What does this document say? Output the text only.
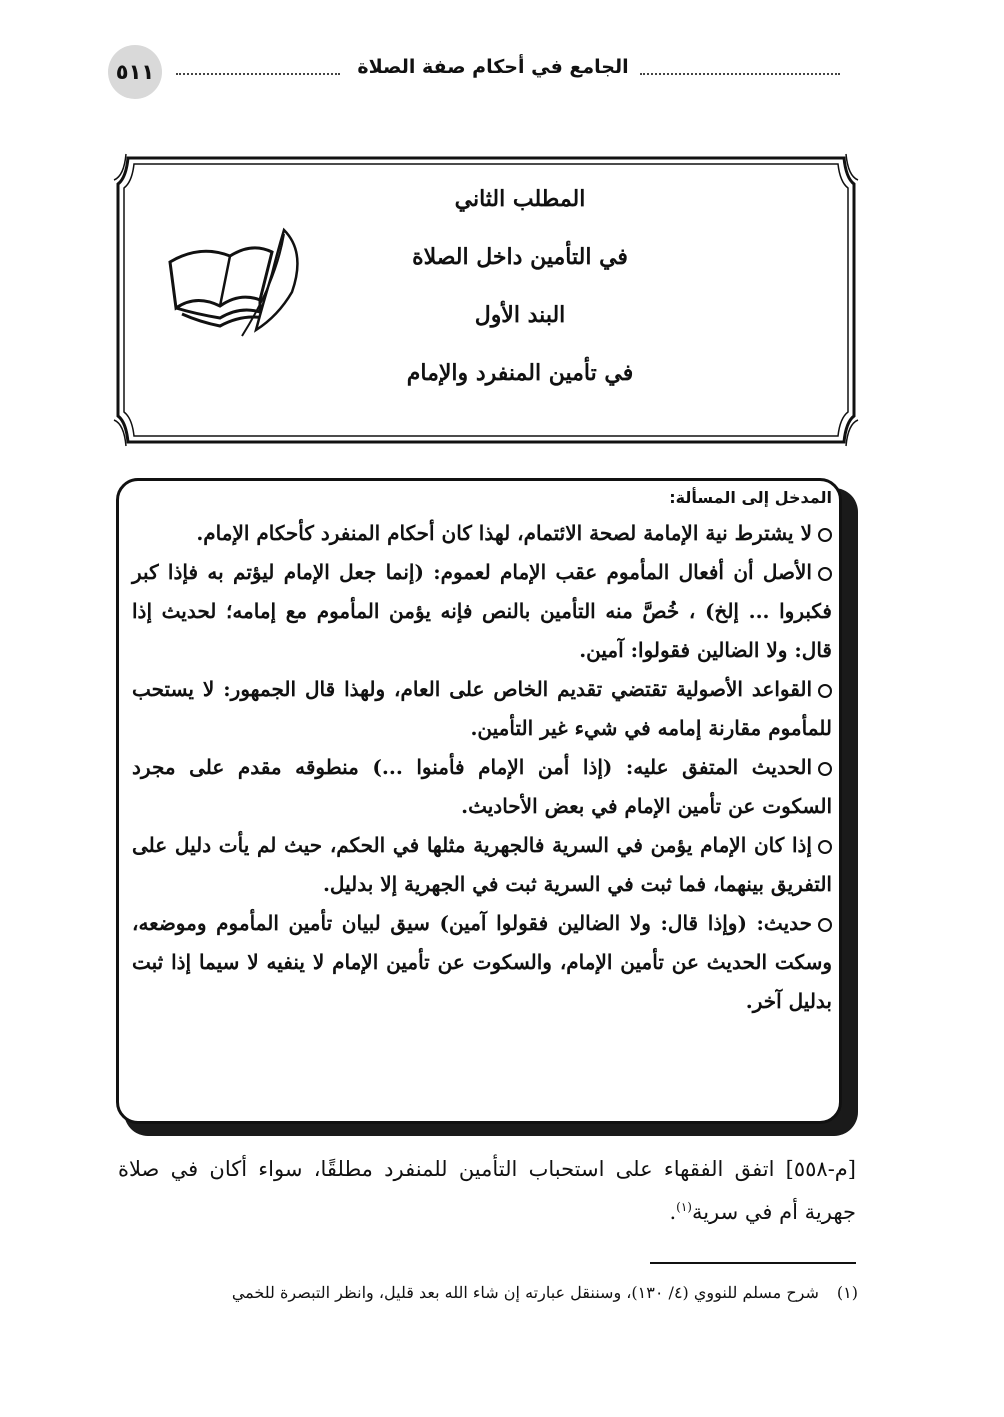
٥١١	الجامع في أحكام صفة الصلاة
المطلب الثاني
في التأمين داخل الصلاة
البند الأول
في تأمين المنفرد والإمام

المدخل إلى المسألة:

لا يشترط نية الإمامة لصحة الائتمام، لهذا كان أحكام المنفرد كأحكام الإمام.

الأصل أن أفعال المأموم عقب الإمام لعموم: (إنما جعل الإمام ليؤتم به فإذا كبر فكبروا ... إلخ) ، خُصَّ منه التأمين بالنص فإنه يؤمن المأموم مع إمامه؛ لحديث إذا قال: ولا الضالين فقولوا: آمين.

القواعد الأصولية تقتضي تقديم الخاص على العام، ولهذا قال الجمهور: لا يستحب للمأموم مقارنة إمامه في شيء غير التأمين.

الحديث المتفق عليه: (إذا أمن الإمام فأمنوا ...) منطوقه مقدم على مجرد السكوت عن تأمين الإمام في بعض الأحاديث.

إذا كان الإمام يؤمن في السرية فالجهرية مثلها في الحكم، حيث لم يأت دليل على التفريق بينهما، فما ثبت في السرية ثبت في الجهرية إلا بدليل.

حديث: (وإذا قال: ولا الضالين فقولوا آمين) سيق لبيان تأمين المأموم وموضعه، وسكت الحديث عن تأمين الإمام، والسكوت عن تأمين الإمام لا ينفيه لا سيما إذا ثبت بدليل آخر.

[م-٥٥٨] اتفق الفقهاء على استحباب التأمين للمنفرد مطلقًا، سواء أكان في صلاة جهرية أم في سرية$^{(١)}$.
(١)شرح مسلم للنووي (٤/ ١٣٠)، وسننقل عبارته إن شاء الله بعد قليل، وانظر التبصرة للخمي
